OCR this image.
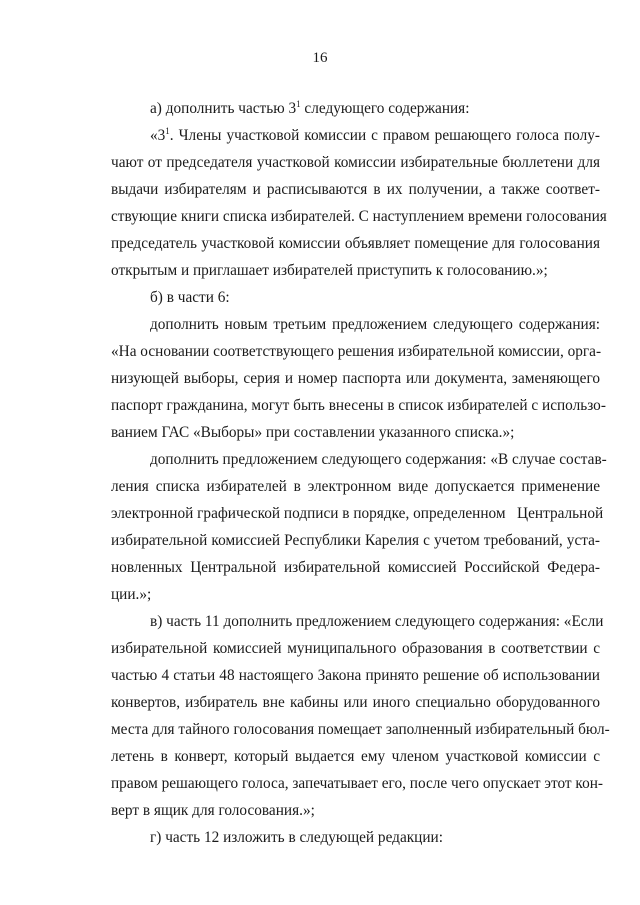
16
а) дополнить частью $3^1$ следующего содержания:
«$3^1$. Члены участковой комиссии с правом решающего голоса полу-
чают от председателя участковой комиссии избирательные бюллетени для
выдачи избирателям и расписываются в их получении, а также соответ-
ствующие книги списка избирателей. С наступлением времени голосования
председатель участковой комиссии объявляет помещение для голосования
открытым и приглашает избирателей приступить к голосованию.»;
б) в части 6:
дополнить новым третьим предложением следующего содержания:
«На основании соответствующего решения избирательной комиссии, орга-
низующей выборы, серия и номер паспорта или документа, заменяющего
паспорт гражданина, могут быть внесены в список избирателей с использо-
ванием ГАС «Выборы» при составлении указанного списка.»;
дополнить предложением следующего содержания: «В случае состав-
ления списка избирателей в электронном виде допускается применение
электронной графической подписи в порядке, определенном   Центральной
избирательной комиссией Республики Карелия с учетом требований, уста-
новленных Центральной избирательной комиссией Российской Федера-
ции.»;
в) часть 11 дополнить предложением следующего содержания: «Если
избирательной комиссией муниципального образования в соответствии с
частью 4 статьи 48 настоящего Закона принято решение об использовании
конвертов, избиратель вне кабины или иного специально оборудованного
места для тайного голосования помещает заполненный избирательный бюл-
летень в конверт, который выдается ему членом участковой комиссии с
правом решающего голоса, запечатывает его, после чего опускает этот кон-
верт в ящик для голосования.»;
г) часть 12 изложить в следующей редакции:
